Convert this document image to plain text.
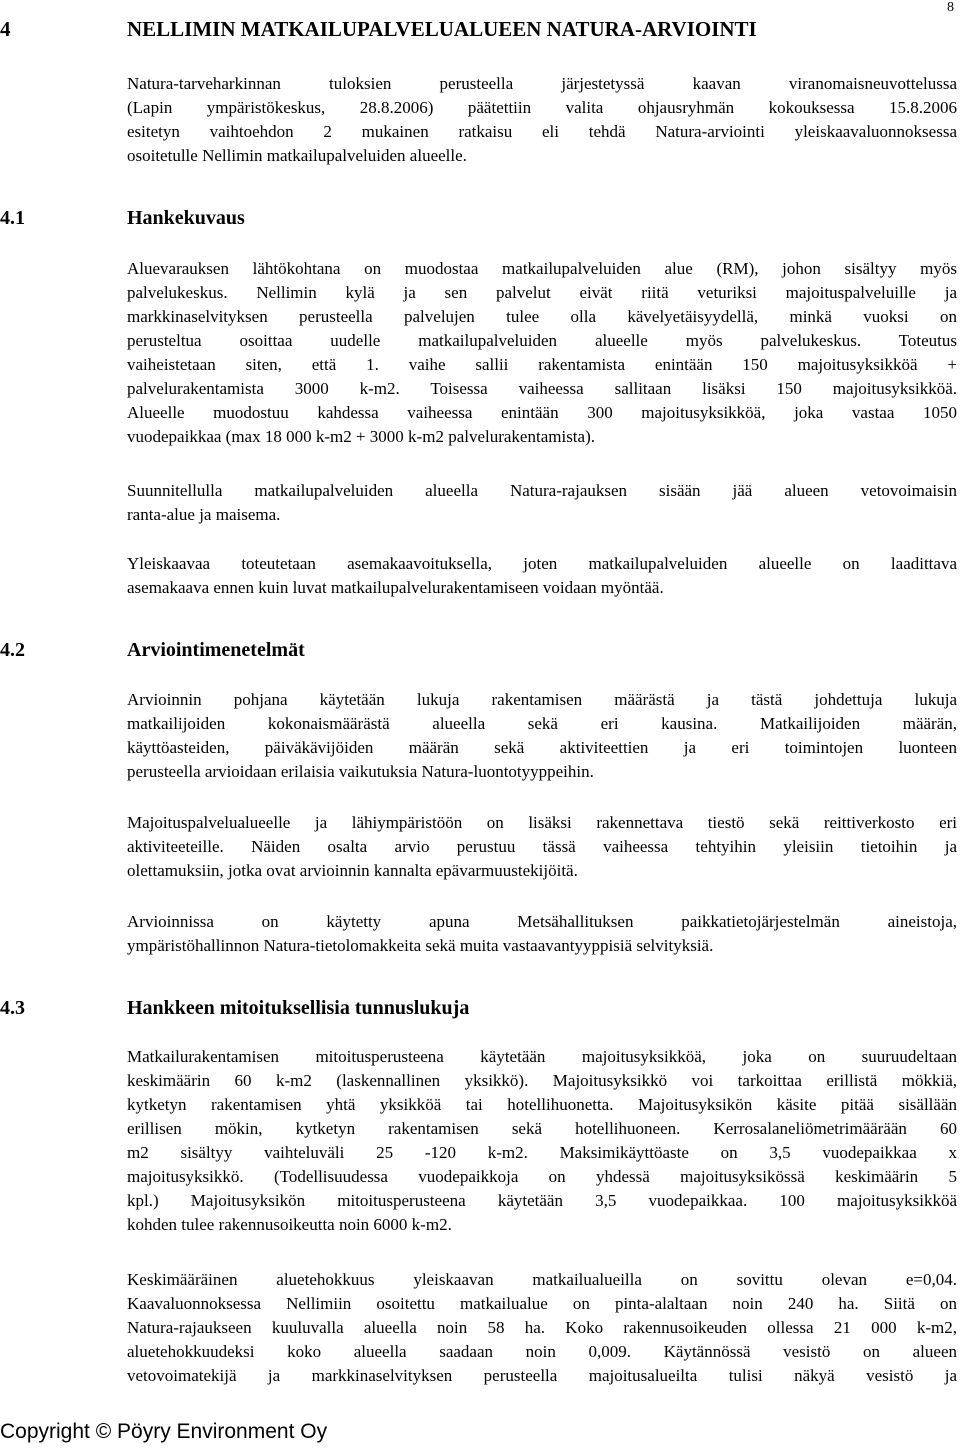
8
4	NELLIMIN MATKAILUPALVELUALUEEN NATURA-ARVIOINTI
Natura-tarveharkinnan tuloksien perusteella järjestetyssä kaavan viranomaisneuvottelussa
(Lapin ympäristökeskus, 28.8.2006) päätettiin valita ohjausryhmän kokouksessa 15.8.2006
esitetyn vaihtoehdon 2 mukainen ratkaisu eli tehdä Natura-arviointi yleiskaavaluonnoksessa
osoitetulle Nellimin matkailupalveluiden alueelle.
4.1	Hankekuvaus
Aluevarauksen lähtökohtana on muodostaa matkailupalveluiden alue (RM), johon sisältyy myös
palvelukeskus. Nellimin kylä ja sen palvelut eivät riitä veturiksi majoituspalveluille ja
markkinaselvityksen perusteella palvelujen tulee olla kävelyetäisyydellä, minkä vuoksi on
perusteltua osoittaa uudelle matkailupalveluiden alueelle myös palvelukeskus. Toteutus
vaiheistetaan siten, että 1. vaihe sallii rakentamista enintään 150 majoitusyksikköä +
palvelurakentamista 3000 k-m2. Toisessa vaiheessa sallitaan lisäksi 150 majoitusyksikköä.
Alueelle muodostuu kahdessa vaiheessa enintään 300 majoitusyksikköä, joka vastaa 1050
vuodepaikkaa (max 18 000 k-m2 + 3000 k-m2 palvelurakentamista).
Suunnitellulla matkailupalveluiden alueella Natura-rajauksen sisään jää alueen vetovoimaisin
ranta-alue ja maisema.
Yleiskaavaa toteutetaan asemakaavoituksella, joten matkailupalveluiden alueelle on laadittava
asemakaava ennen kuin luvat matkailupalvelurakentamiseen voidaan myöntää.
4.2	Arviointimenetelmät
Arvioinnin pohjana käytetään lukuja rakentamisen määrästä ja tästä johdettuja lukuja
matkailijoiden kokonaismäärästä alueella sekä eri kausina. Matkailijoiden määrän,
käyttöasteiden, päiväkävijöiden määrän sekä aktiviteettien ja eri toimintojen luonteen
perusteella arvioidaan erilaisia vaikutuksia Natura-luontotyyppeihin.
Majoituspalvelualueelle ja lähiympäristöön on lisäksi rakennettava tiestö sekä reittiverkosto eri
aktiviteeteille. Näiden osalta arvio perustuu tässä vaiheessa tehtyihin yleisiin tietoihin ja
olettamuksiin, jotka ovat arvioinnin kannalta epävarmuustekijöitä.
Arvioinnissa on käytetty apuna Metsähallituksen paikkatietojärjestelmän aineistoja,
ympäristöhallinnon Natura-tietolomakkeita sekä muita vastaavantyyppisiä selvityksiä.
4.3	Hankkeen mitoituksellisia tunnuslukuja
Matkailurakentamisen mitoitusperusteena käytetään majoitusyksikköä, joka on suuruudeltaan
keskimäärin 60 k-m2 (laskennallinen yksikkö). Majoitusyksikkö voi tarkoittaa erillistä mökkiä,
kytketyn rakentamisen yhtä yksikköä tai hotellihuonetta. Majoitusyksikön käsite pitää sisällään
erillisen mökin, kytketyn rakentamisen sekä hotellihuoneen. Kerrosalaneliömetrimäärään 60
m2 sisältyy vaihteluväli 25 -120 k-m2. Maksimikäyttöaste on 3,5 vuodepaikkaa x
majoitusyksikkö. (Todellisuudessa vuodepaikkoja on yhdessä majoitusyksikössä keskimäärin 5
kpl.) Majoitusyksikön mitoitusperusteena käytetään 3,5 vuodepaikkaa. 100 majoitusyksikköä
kohden tulee rakennusoikeutta noin 6000 k-m2.
Keskimääräinen aluetehokkuus yleiskaavan matkailualueilla on sovittu olevan e=0,04.
Kaavaluonnoksessa Nellimiin osoitettu matkailualue on pinta-alaltaan noin 240 ha. Siitä on
Natura-rajaukseen kuuluvalla alueella noin 58 ha. Koko rakennusoikeuden ollessa 21 000 k-m2,
aluetehokkuudeksi koko alueella saadaan noin 0,009. Käytännössä vesistö on alueen
vetovoimatekijä ja markkinaselvityksen perusteella majoitusalueilta tulisi näkyä vesistö ja
Copyright © Pöyry Environment Oy
